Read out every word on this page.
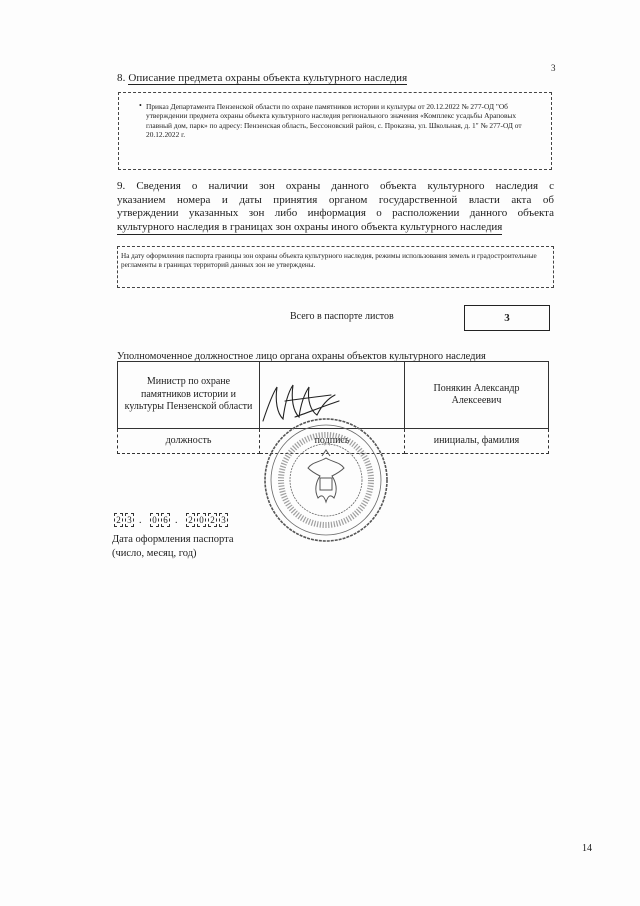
3
8. Описание предмета охраны объекта культурного наследия
• Приказ Департамента Пензенской области по охране памятников истории и культуры от 20.12.2022 № 277-ОД "Об утверждении предмета охраны объекта культурного наследия регионального значения «Комплекс усадьбы Араповых главный дом, парк» по адресу: Пензенская область, Бессоновский район, с. Проказна, ул. Школьная, д. 1" № 277-ОД от 20.12.2022 г.
9. Сведения о наличии зон охраны данного объекта культурного наследия с
указанием номера и даты принятия органом государственной власти акта об
утверждении указанных зон либо информация о расположении данного объекта
культурного наследия в границах зон охраны иного объекта культурного наследия
На дату оформления паспорта границы зон охраны объекта культурного наследия, режимы использования земель и градостроительные регламенты в границах территорий данных зон не утверждены.
Всего в паспорте листов	3
Уполномоченное должностное лицо органа охраны объектов культурного наследия
Министр по охране памятников истории и культуры Пензенской области		Понякин Александр Алексеевич
должность	подпись	инициалы, фамилия
2 3 . 0 6 . 2 0 2 3
Дата оформления паспорта
(число, месяц, год)
14
